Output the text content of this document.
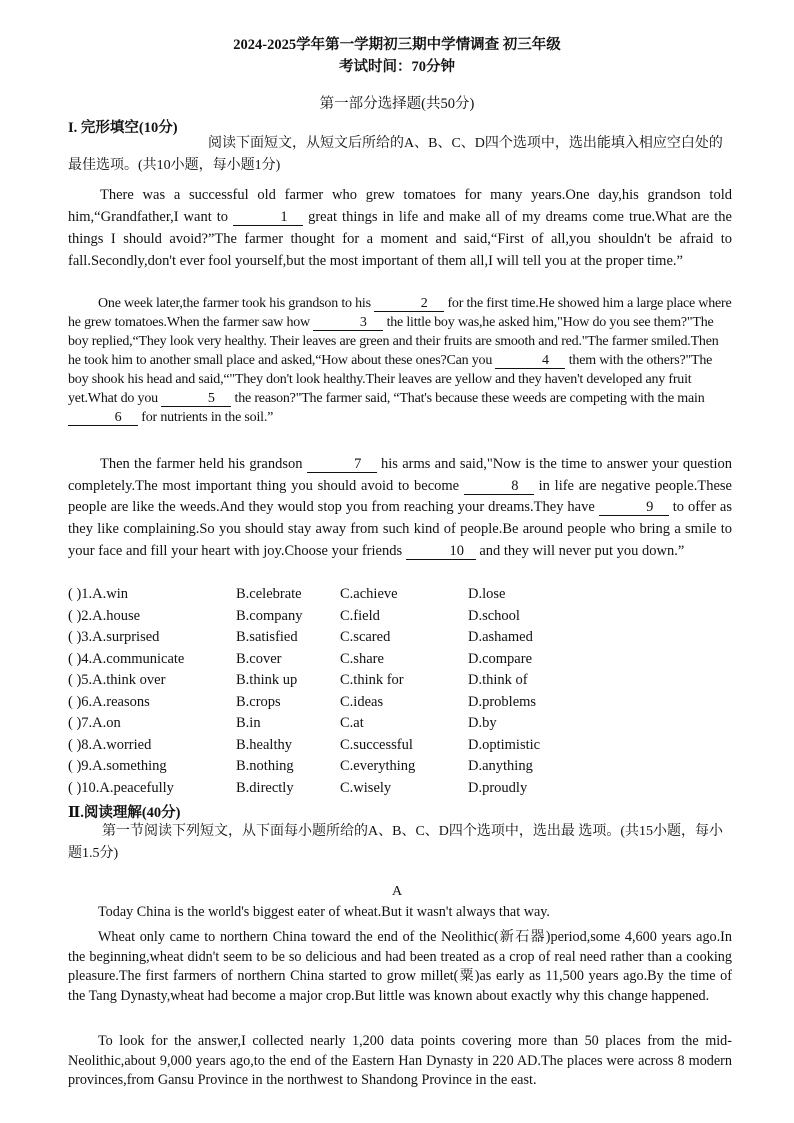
2024-2025学年第一学期初三期中学情调查 初三年级
考试时间：70分钟
第一部分选择题(共50分)
I. 完形填空(10分)
阅读下面短文，从短文后所给的A、B、C、D四个选项中，选出能填入相应空白处的最佳选项。(共10小题，每小题1分)
There was a successful old farmer who grew tomatoes for many years.One day,his grandson told him,“Grandfather,I want to	1 great things in life and make all of my dreams come true.What are the things I should avoid?”The farmer thought for a moment and said,“First of all,you shouldn't be afraid to fall.Secondly,don't ever fool yourself,but the most important of them all,I will tell you at the proper time.”
One week later,the farmer took his grandson to his	2 for the first time.He showed him a large place where he grew tomatoes.When the farmer saw how	3 the little boy was,he asked him,"How do you see them?"The boy replied,“They look very healthy. Their leaves are green and their fruits are smooth and red."The farmer smiled.Then he took him to another small place and asked,“How about these ones?Can you	4 them with the others?"The boy shook his head and said,“"They don't look healthy.Their leaves are yellow and they haven't developed any fruit yet.What do you	5 the reason?"The farmer said, “That's because these weeds are competing with the main 6 for nutrients in the soil.”
Then the farmer held his grandson	7 his arms and said,"Now is the time to answer your question completely.The most important thing you should avoid to become	8 in life are negative people.These people are like the weeds.And they would stop you from reaching your dreams.They have	9 to offer as they like complaining.So you should stay away from such kind of people.Be around people who bring a smile to your face and fill your heart with joy.Choose your friends	10 and they will never put you down.”
( )1.A.win	B.celebrate	C.achieve	D.lose
( )2.A.house	B.company	C.field	D.school
( )3.A.surprised	B.satisfied	C.scared	D.ashamed
( )4.A.communicate	B.cover	C.share	D.compare
( )5.A.think over	B.think up	C.think for	D.think of
( )6.A.reasons	B.crops	C.ideas	D.problems
( )7.A.on	B.in	C.at	D.by
( )8.A.worried	B.healthy	C.successful	D.optimistic
( )9.A.something	B.nothing	C.everything	D.anything
( )10.A.peacefully	B.directly	C.wisely	D.proudly
Ⅱ.阅读理解(40分)
第一节阅读下列短文，从下面每小题所给的A、B、C、D四个选项中，选出最 选项。(共15小题，每小题1.5分)
A
Today China is the world's biggest eater of wheat.But it wasn't always that way.
Wheat only came to northern China toward the end of the Neolithic(新石器)period,some 4,600 years ago.In the beginning,wheat didn't seem to be so delicious and had been treated as a crop of real need rather than a cooking pleasure.The first farmers of northern China started to grow millet(粟)as early as 11,500 years ago.By the time of the Tang Dynasty,wheat had become a major crop.But little was known about exactly why this change happened.
To look for the answer,I collected nearly 1,200 data points covering more than 50 places from the mid-Neolithic,about 9,000 years ago,to the end of the Eastern Han Dynasty in 220 AD.The places were across 8 modern provinces,from Gansu Province in the northwest to Shandong Province in the east.
